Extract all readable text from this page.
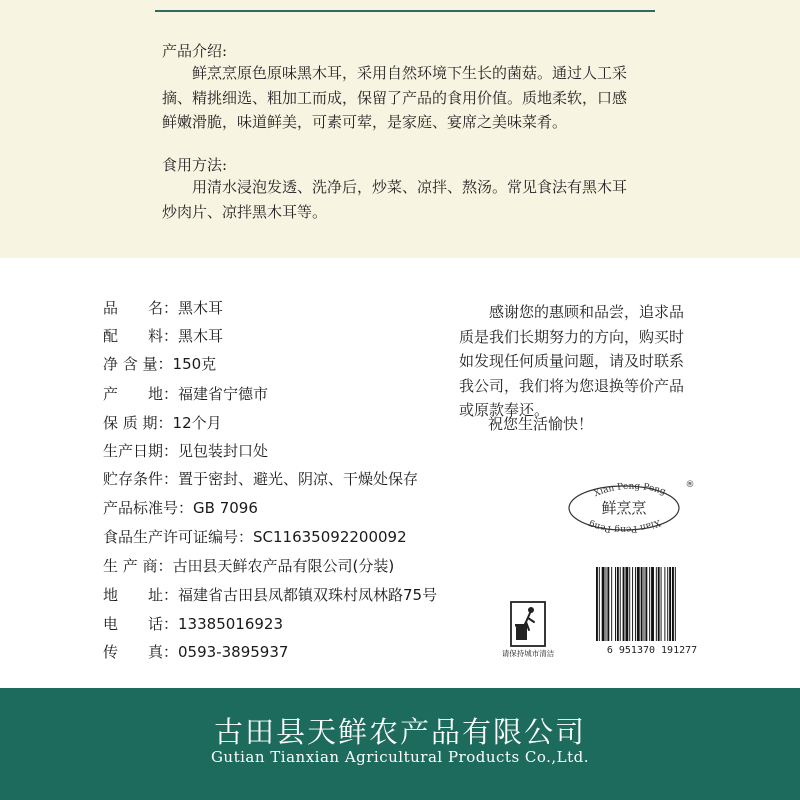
产品介绍:

鲜烹烹原色原味黑木耳，采用自然环境下生长的菌菇。通过人工采
摘、精挑细选、粗加工而成，保留了产品的食用价值。质地柔软，口感
鲜嫩滑脆，味道鲜美，可素可荤，是家庭、宴席之美味菜肴。

食用方法:

用清水浸泡发透、洗净后，炒菜、凉拌、熬汤。常见食法有黑木耳
炒肉片、凉拌黑木耳等。

品　　名：黑木耳
配　　料：黑木耳
净 含 量：150克
产　　地：福建省宁德市
保 质 期：12个月
生产日期：见包装封口处
贮存条件：置于密封、避光、阴凉、干燥处保存
产品标准号：GB 7096
食品生产许可证编号：SC11635092200092
生 产 商：古田县天鲜农产品有限公司(分装)
地　　址：福建省古田县凤都镇双珠村凤林路75号
电　　话：13385016923
传　　真：0593-3895937

感谢您的惠顾和品尝，追求品
质是我们长期努力的方向，购买时
如发现任何质量问题，请及时联系
我公司，我们将为您退换等价产品
或原款奉还。

祝您生活愉快！
Xian Peng Peng
Xian Peng Peng
鲜烹烹
®
请保持城市清洁	6 951370 191277
古田县天鲜农产品有限公司
Gutian Tianxian Agricultural Products Co.,Ltd.
